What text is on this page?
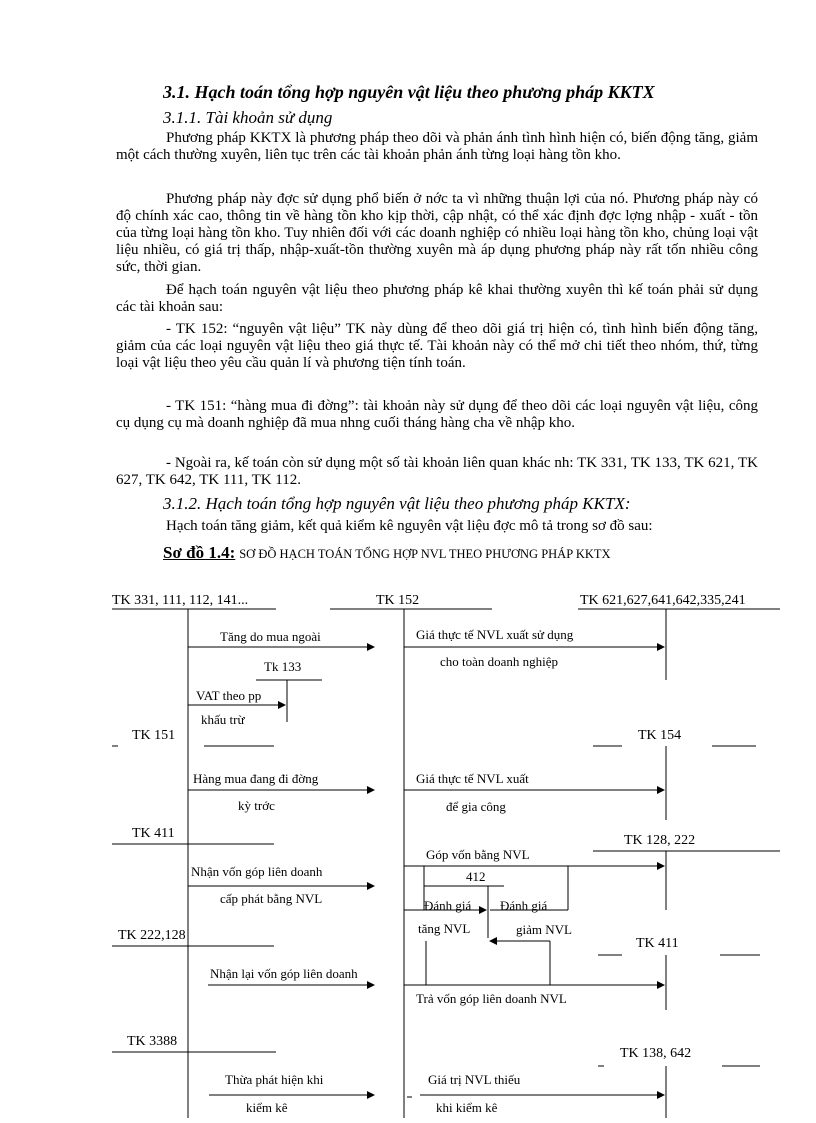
3.1. Hạch toán tổng hợp nguyên vật liệu theo phương pháp KKTX
3.1.1. Tài khoản sử dụng

Phương pháp KKTX là phương pháp theo dõi và phản ánh tình hình hiện có, biến động tăng, giảm một cách thường xuyên, liên tục trên các tài khoản phản ánh từng loại hàng tồn kho.

Phương pháp này đợc sử dụng phổ biến ở nớc ta vì những thuận lợi của nó. Phương pháp này có độ chính xác cao, thông tin về hàng tồn kho kịp thời, cập nhật, có thể xác định đợc lợng nhập - xuất - tồn của từng loại hàng tồn kho. Tuy nhiên đối với các doanh nghiệp có nhiều loại hàng tồn kho, chủng loại vật liệu nhiều, có giá trị thấp, nhập-xuất-tồn thường xuyên mà áp dụng phương pháp này rất tốn nhiều công sức, thời gian.

Để hạch toán nguyên vật liệu theo phương pháp kê khai thường xuyên thì kế toán phải sử dụng các tài khoản sau:

- TK 152: “nguyên vật liệu” TK này dùng để theo dõi giá trị hiện có, tình hình biến động tăng, giảm của các loại nguyên vật liệu theo giá thực tế. Tài khoản này có thể mở chi tiết theo nhóm, thứ, từng loại vật liệu theo yêu cầu quản lí và phương tiện tính toán.

- TK 151: “hàng mua đi đờng”: tài khoản này sử dụng để theo dõi các loại nguyên vật liệu, công cụ dụng cụ mà doanh nghiệp đã mua nhng cuối tháng hàng cha về nhập kho.

- Ngoài ra, kế toán còn sử dụng một số tài khoản liên quan khác nh: TK 331, TK 133, TK 621, TK 627, TK 642, TK 111, TK 112.

3.1.2. Hạch toán tổng hợp nguyên vật liệu theo phương pháp KKTX:
Hạch toán tăng giảm, kết quả kiểm kê nguyên vật liệu đợc mô tả trong sơ đồ sau:
Sơ đồ 1.4: SƠ ĐỒ HẠCH TOÁN TỔNG HỢP NVL THEO PHƯƠNG PHÁP KKTX
TK 331, 111, 112, 141...	TK 152	TK 621,627,641,642,335,241
Tk 133
TK 151	TK 154
TK 411	TK 128, 222
412
TK 222,128
TK 411
TK 3388
TK 138, 642
Tăng do mua ngoài	Giá thực tế NVL xuất sử dụng
cho toàn doanh nghiệp
VAT theo pp
khấu trừ
Hàng mua đang đi đờng
kỳ trớc
Giá thực tế NVL xuất
để gia công
Góp vốn bằng NVL
Nhận vốn góp liên doanh
cấp phát bằng NVL	Đánh giá
tăng NVL
Đánh giá
giảm NVL
Nhận lại vốn góp liên doanh
Trả vốn góp liên doanh NVL
Thừa phát hiện khi
kiểm kê
Giá trị NVL thiếu
khi kiểm kê
